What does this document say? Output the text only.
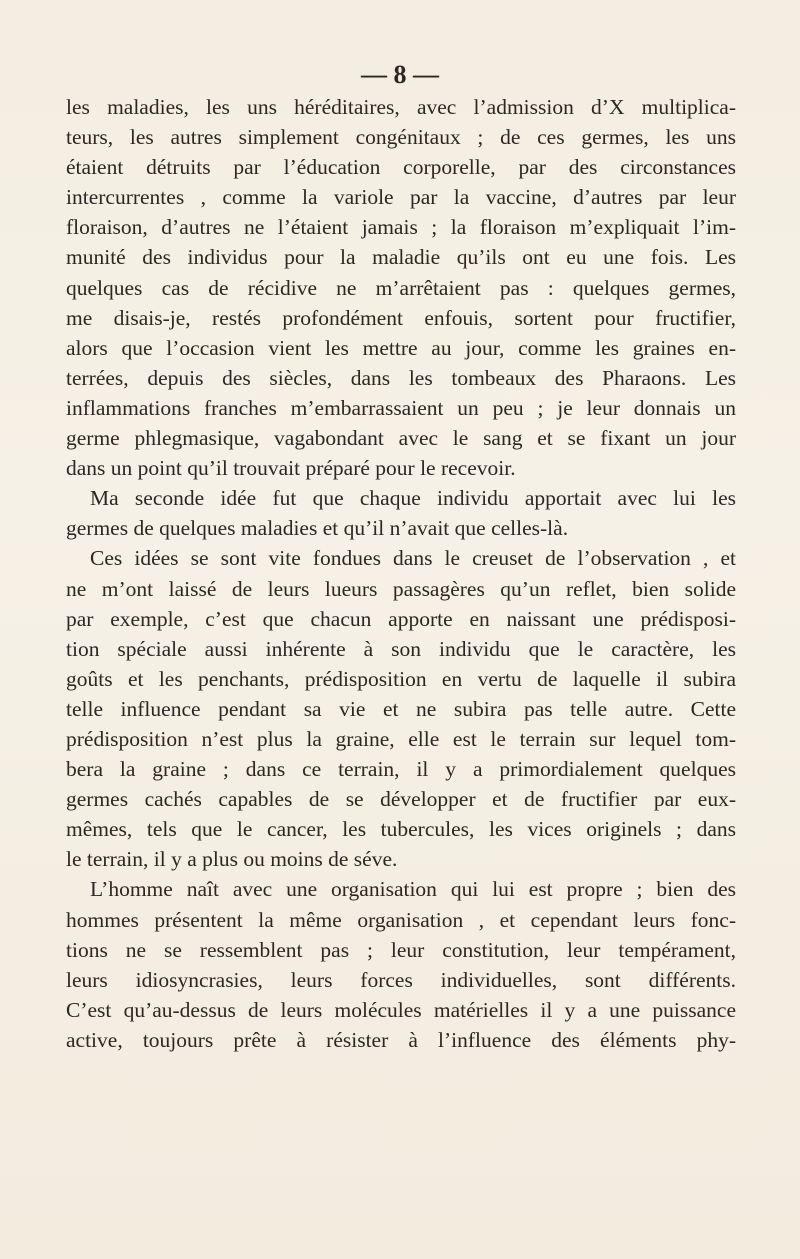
— 8 —
les maladies, les uns héréditaires, avec l’admission d’X multiplica-
teurs, les autres simplement congénitaux ; de ces germes, les uns
étaient détruits par l’éducation corporelle, par des circonstances
intercurrentes , comme la variole par la vaccine, d’autres par leur
floraison, d’autres ne l’étaient jamais ; la floraison m’expliquait l’im-
munité des individus pour la maladie qu’ils ont eu une fois. Les
quelques cas de récidive ne m’arrêtaient pas : quelques germes,
me disais-je, restés profondément enfouis, sortent pour fructifier,
alors que l’occasion vient les mettre au jour, comme les graines en-
terrées, depuis des siècles, dans les tombeaux des Pharaons. Les
inflammations franches m’embarrassaient un peu ; je leur donnais un
germe phlegmasique, vagabondant avec le sang et se fixant un jour
dans un point qu’il trouvait préparé pour le recevoir.
Ma seconde idée fut que chaque individu apportait avec lui les
germes de quelques maladies et qu’il n’avait que celles-là.
Ces idées se sont vite fondues dans le creuset de l’observation , et
ne m’ont laissé de leurs lueurs passagères qu’un reflet, bien solide
par exemple, c’est que chacun apporte en naissant une prédisposi-
tion spéciale aussi inhérente à son individu que le caractère, les
goûts et les penchants, prédisposition en vertu de laquelle il subira
telle influence pendant sa vie et ne subira pas telle autre. Cette
prédisposition n’est plus la graine, elle est le terrain sur lequel tom-
bera la graine ; dans ce terrain, il y a primordialement quelques
germes cachés capables de se développer et de fructifier par eux-
mêmes, tels que le cancer, les tubercules, les vices originels ; dans
le terrain, il y a plus ou moins de séve.
L’homme naît avec une organisation qui lui est propre ; bien des
hommes présentent la même organisation , et cependant leurs fonc-
tions ne se ressemblent pas ; leur constitution, leur tempérament,
leurs idiosyncrasies, leurs forces individuelles, sont différents.
C’est qu’au-dessus de leurs molécules matérielles il y a une puissance
active, toujours prête à résister à l’influence des éléments phy-
